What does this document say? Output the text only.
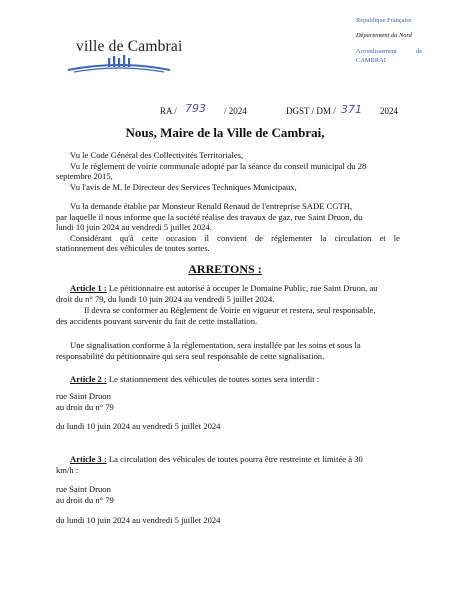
ville de Cambrai
République Française
Département du Nord
Arrondissement	de
CAMBRAI
RA / 793 / 2024	DGST / DM / 371 2024
Nous, Maire de la Ville de Cambrai,
Vu le Code Général des Collectivités Territoriales,
Vu le règlement de voirie communale adopté par la séance du conseil municipal du 28
septembre 2015,
Vu l'avis de M. le Directeur des Services Techniques Municipaux,
Vu la demande établie par Monsieur Renald Renaud de l'entreprise SADE CGTH,
par laquelle il nous informe que la société réalise des travaux de gaz, rue Saint Druon, du
lundi 10 juin 2024 au vendredi 5 juillet 2024.
Considérant qu'à cette occasion il convient de réglementer la circulation et le
stationnement des véhicules de toutes sortes.
ARRETONS :
Article 1 : Le pétitionnaire est autorisé à occuper le Domaine Public, rue Saint Druon, au
droit du n° 79, du lundi 10 juin 2024 au vendredi 5 juillet 2024.
Il devra se conformer au Règlement de Voirie en vigueur et restera, seul responsable,
des accidents pouvant survenir du fait de cette installation.
Une signalisation conforme à la réglementation, sera installée par les soins et sous la
responsabilité du pétitionnaire qui sera seul responsable de cette signalisation.
Article 2 : Le stationnement des véhicules de toutes sortes sera interdit :
rue Saint Druon
au droit du n° 79
du lundi 10 juin 2024 au vendredi 5 juillet 2024
Article 3 : La circulation des véhicules de toutes pourra être restreinte et limitée à 30
km/h :
rue Saint Druon
au droit du n° 79
du lundi 10 juin 2024 au vendredi 5 juillet 2024
